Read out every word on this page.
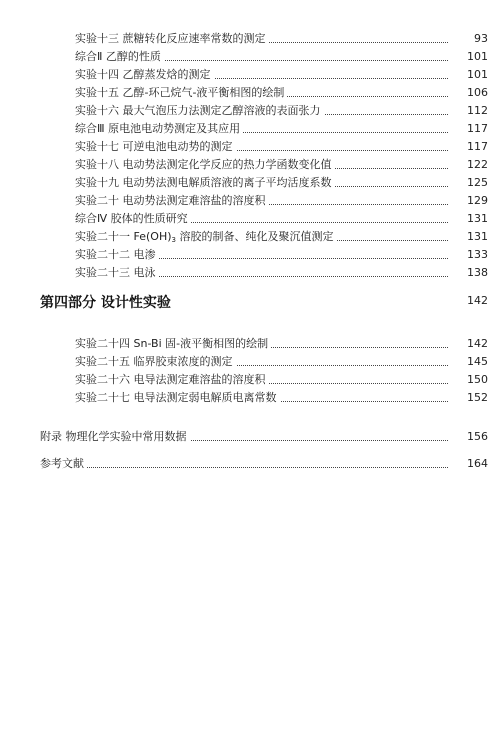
实验十三 蔗糖转化反应速率常数的测定	93
综合Ⅱ 乙醇的性质	101
实验十四 乙醇蒸发焓的测定	101
实验十五 乙醇-环己烷气-液平衡相图的绘制	106
实验十六 最大气泡压力法测定乙醇溶液的表面张力	112
综合Ⅲ 原电池电动势测定及其应用	117
实验十七 可逆电池电动势的测定	117
实验十八 电动势法测定化学反应的热力学函数变化值	122
实验十九 电动势法测电解质溶液的离子平均活度系数	125
实验二十 电动势法测定难溶盐的溶度积	129
综合Ⅳ 胶体的性质研究	131
实验二十一 Fe(OH)3 溶胶的制备、纯化及聚沉值测定	131
实验二十二 电渗	133
实验二十三 电泳	138
第四部分 设计性实验	142
实验二十四 Sn-Bi 固-液平衡相图的绘制	142
实验二十五 临界胶束浓度的测定	145
实验二十六 电导法测定难溶盐的溶度积	150
实验二十七 电导法测定弱电解质电离常数	152
附录 物理化学实验中常用数据	156
参考文献	164
